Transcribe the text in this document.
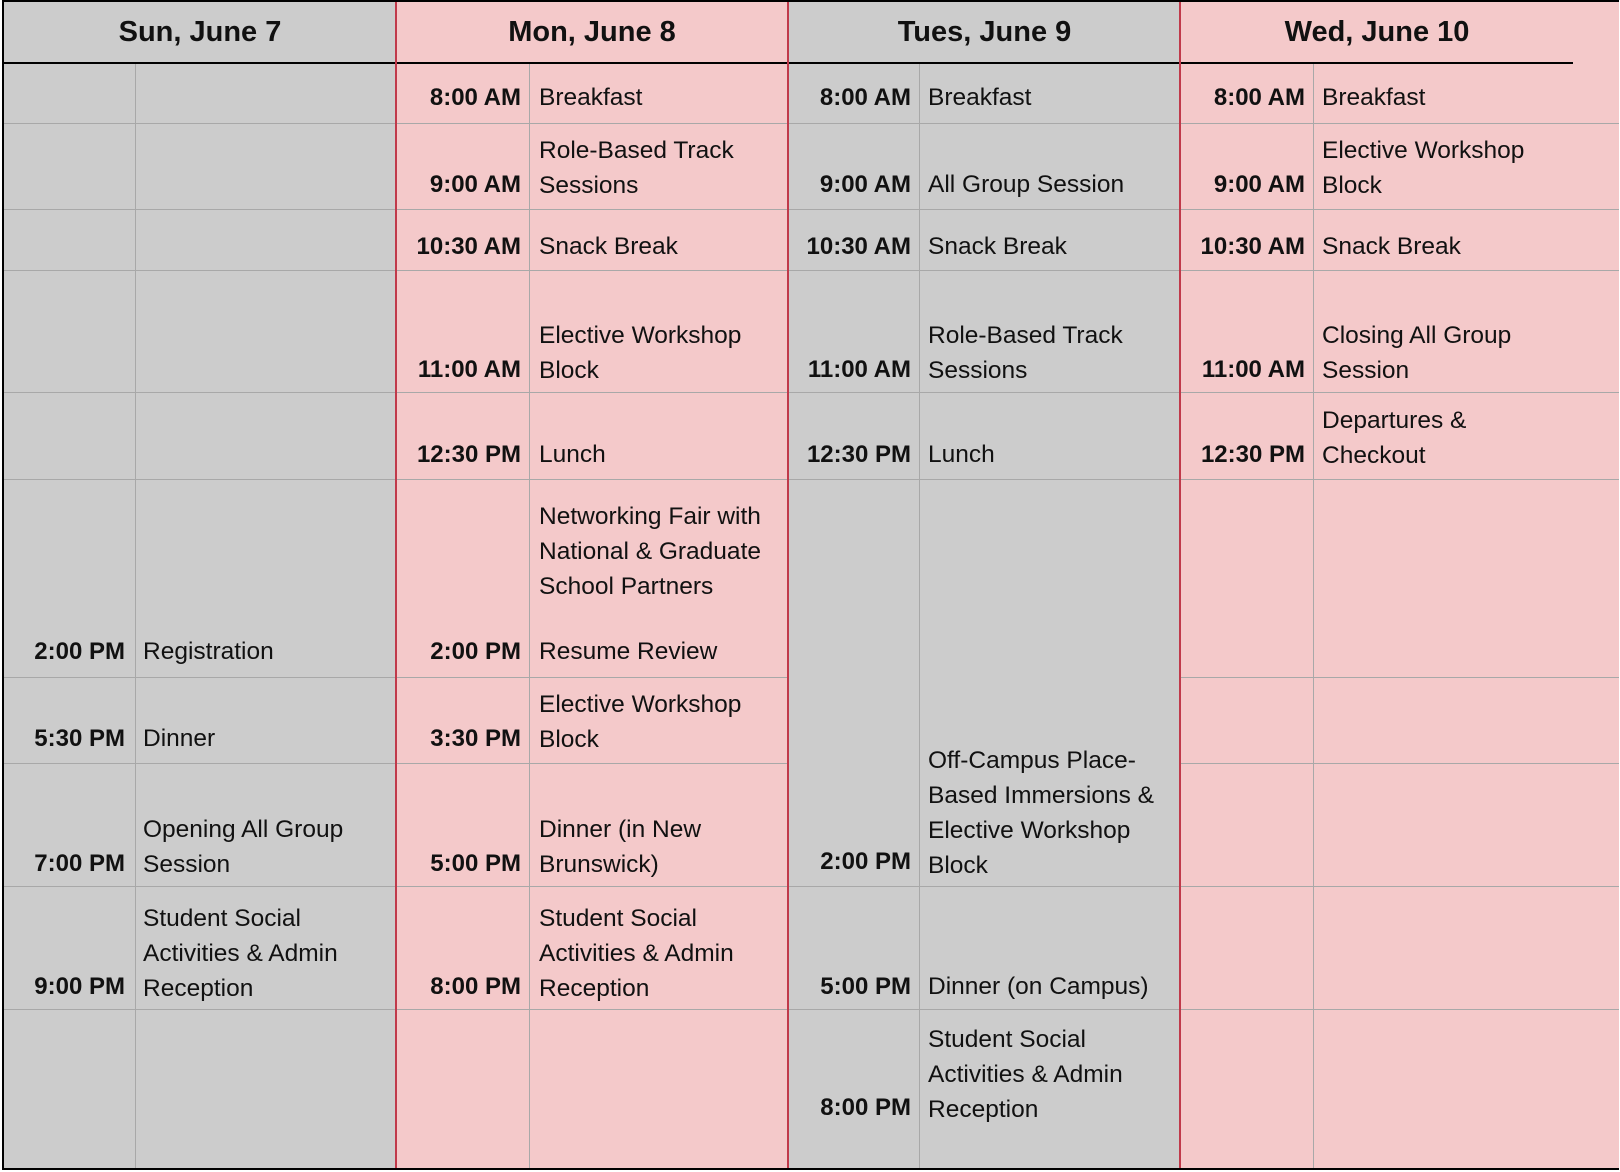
Sun, June 7
2:00 PM Registration
5:30 PM Dinner
7:00 PM
Opening All Group
Session
9:00 PM
Student Social
Activities & Admin
Reception
Mon, June 8
8:00 AM Breakfast
9:00 AM
Role-Based Track
Sessions
10:30 AM Snack Break
11:00 AM
Elective Workshop
Block
12:30 PM Lunch
Networking Fair with
National & Graduate
School Partners
2:00 PM Resume Review
3:30 PM
Elective Workshop
Block
5:00 PM
Dinner (in New
Brunswick)
8:00 PM
Student Social
Activities & Admin
Reception
Tues, June 9
8:00 AM Breakfast
9:00 AM All Group Session
10:30 AM Snack Break
11:00 AM
Role-Based Track
Sessions
12:30 PM Lunch
2:00 PM
Off-Campus Place-
Based Immersions &
Elective Workshop
Block
5:00 PM Dinner (on Campus)
8:00 PM
Student Social
Activities & Admin
Reception
Wed, June 10
8:00 AM Breakfast
9:00 AM
Elective Workshop
Block
10:30 AM Snack Break
11:00 AM
Closing All Group
Session
12:30 PM
Departures &
Checkout
